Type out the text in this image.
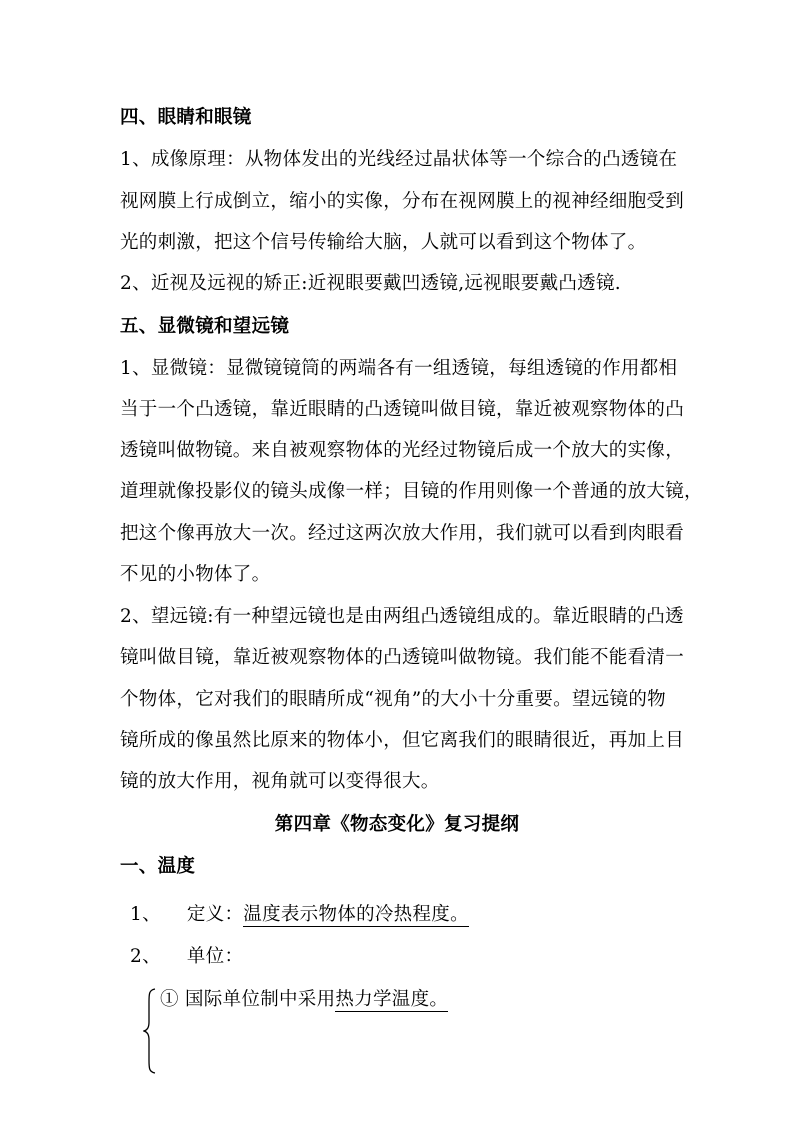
四、眼睛和眼镜
1、成像原理：从物体发出的光线经过晶状体等一个综合的凸透镜在
视网膜上行成倒立，缩小的实像，分布在视网膜上的视神经细胞受到
光的刺激，把这个信号传输给大脑，人就可以看到这个物体了。
2、近视及远视的矫正:近视眼要戴凹透镜,远视眼要戴凸透镜.
五、显微镜和望远镜
1、显微镜：显微镜镜筒的两端各有一组透镜，每组透镜的作用都相
当于一个凸透镜，靠近眼睛的凸透镜叫做目镜，靠近被观察物体的凸
透镜叫做物镜。来自被观察物体的光经过物镜后成一个放大的实像，
道理就像投影仪的镜头成像一样；目镜的作用则像一个普通的放大镜，
把这个像再放大一次。经过这两次放大作用，我们就可以看到肉眼看
不见的小物体了。
2、望远镜:有一种望远镜也是由两组凸透镜组成的。靠近眼睛的凸透
镜叫做目镜，靠近被观察物体的凸透镜叫做物镜。我们能不能看清一
个物体，它对我们的眼睛所成“视角”的大小十分重要。望远镜的物
镜所成的像虽然比原来的物体小，但它离我们的眼睛很近，再加上目
镜的放大作用，视角就可以变得很大。
第四章《物态变化》复习提纲
一、温度
1、 定义：温度表示物体的冷热程度。
2、 单位：
① 国际单位制中采用热力学温度。
